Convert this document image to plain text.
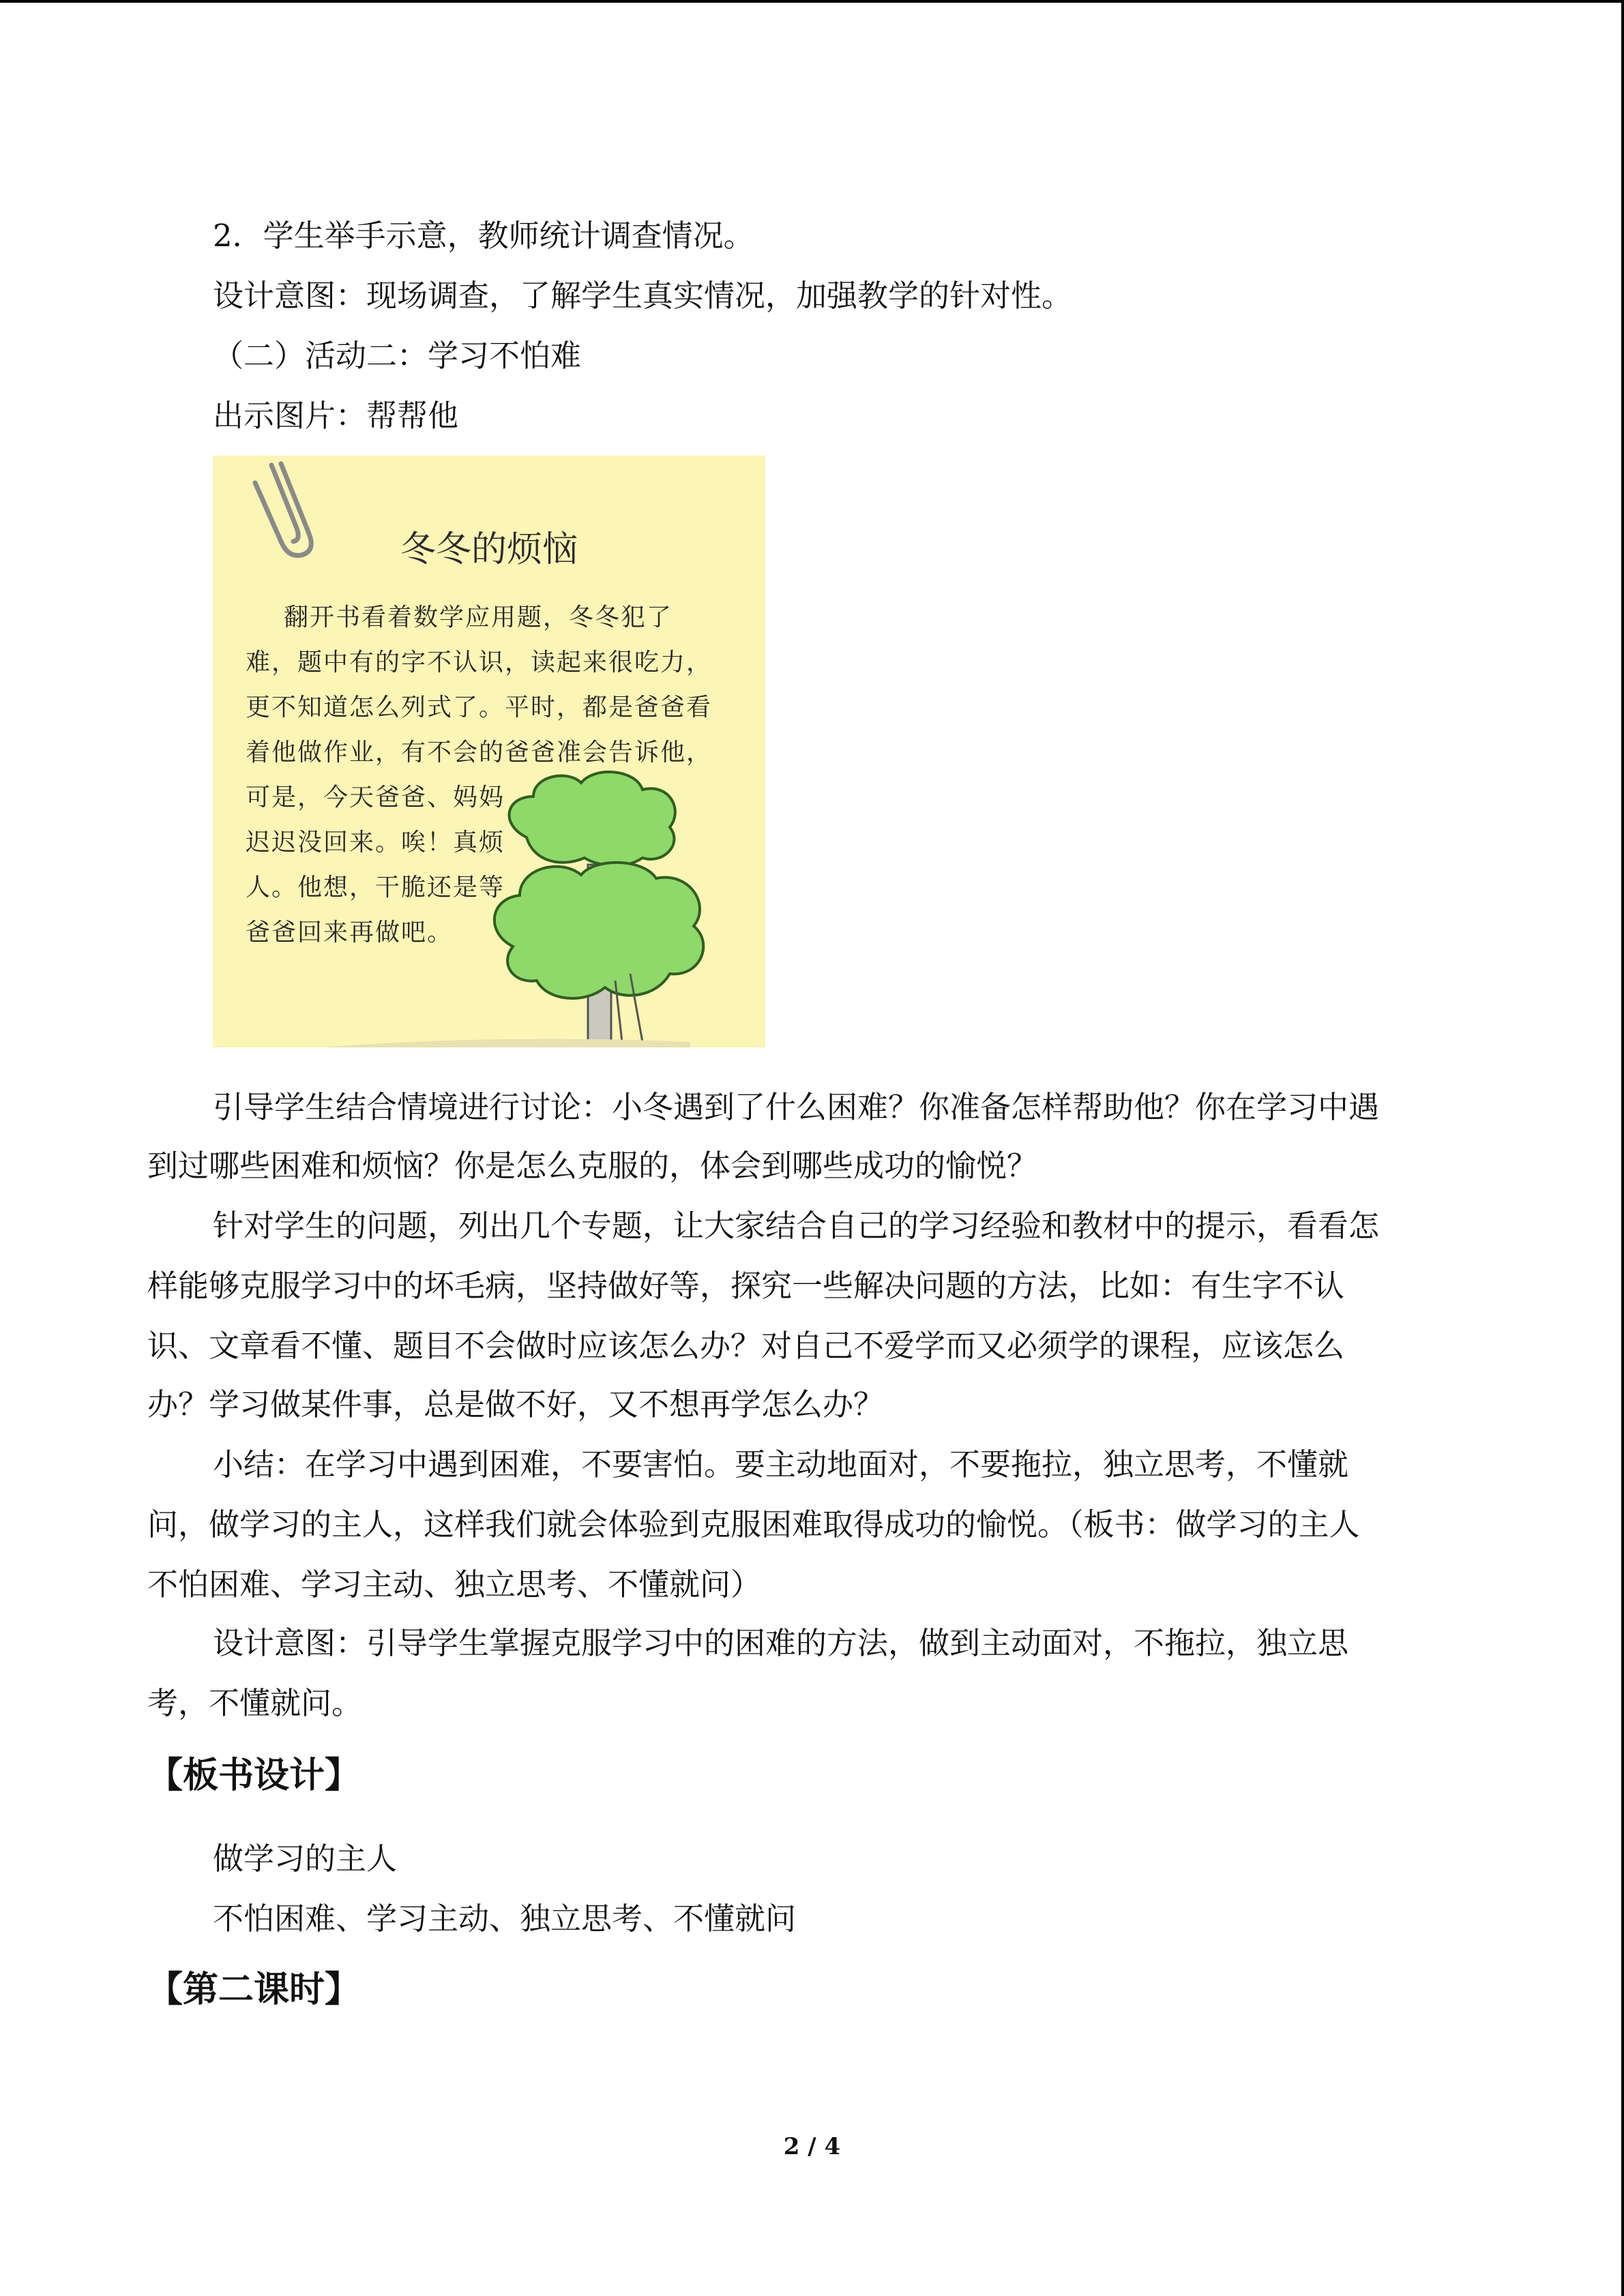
2．学生举手示意，教师统计调查情况。
设计意图：现场调查，了解学生真实情况，加强教学的针对性。
（二）活动二：学习不怕难
出示图片：帮帮他
冬冬的烦恼
翻开书看着数学应用题，冬冬犯了
难，题中有的字不认识，读起来很吃力，
更不知道怎么列式了。平时，都是爸爸看
着他做作业，有不会的爸爸准会告诉他，
可是，今天爸爸、妈妈
迟迟没回来。唉！真烦
人。他想，干脆还是等
爸爸回来再做吧。
引导学生结合情境进行讨论：小冬遇到了什么困难？你准备怎样帮助他？你在学习中遇
到过哪些困难和烦恼？你是怎么克服的，体会到哪些成功的愉悦？
针对学生的问题，列出几个专题，让大家结合自己的学习经验和教材中的提示，看看怎
样能够克服学习中的坏毛病，坚持做好等，探究一些解决问题的方法，比如：有生字不认
识、文章看不懂、题目不会做时应该怎么办？对自己不爱学而又必须学的课程，应该怎么
办？学习做某件事，总是做不好，又不想再学怎么办？
小结：在学习中遇到困难，不要害怕。要主动地面对，不要拖拉，独立思考，不懂就
问，做学习的主人，这样我们就会体验到克服困难取得成功的愉悦。（板书：做学习的主人
不怕困难、学习主动、独立思考、不懂就问）
设计意图：引导学生掌握克服学习中的困难的方法，做到主动面对，不拖拉，独立思
考，不懂就问。
【板书设计】
做学习的主人
不怕困难、学习主动、独立思考、不懂就问
【第二课时】
2 / 4
